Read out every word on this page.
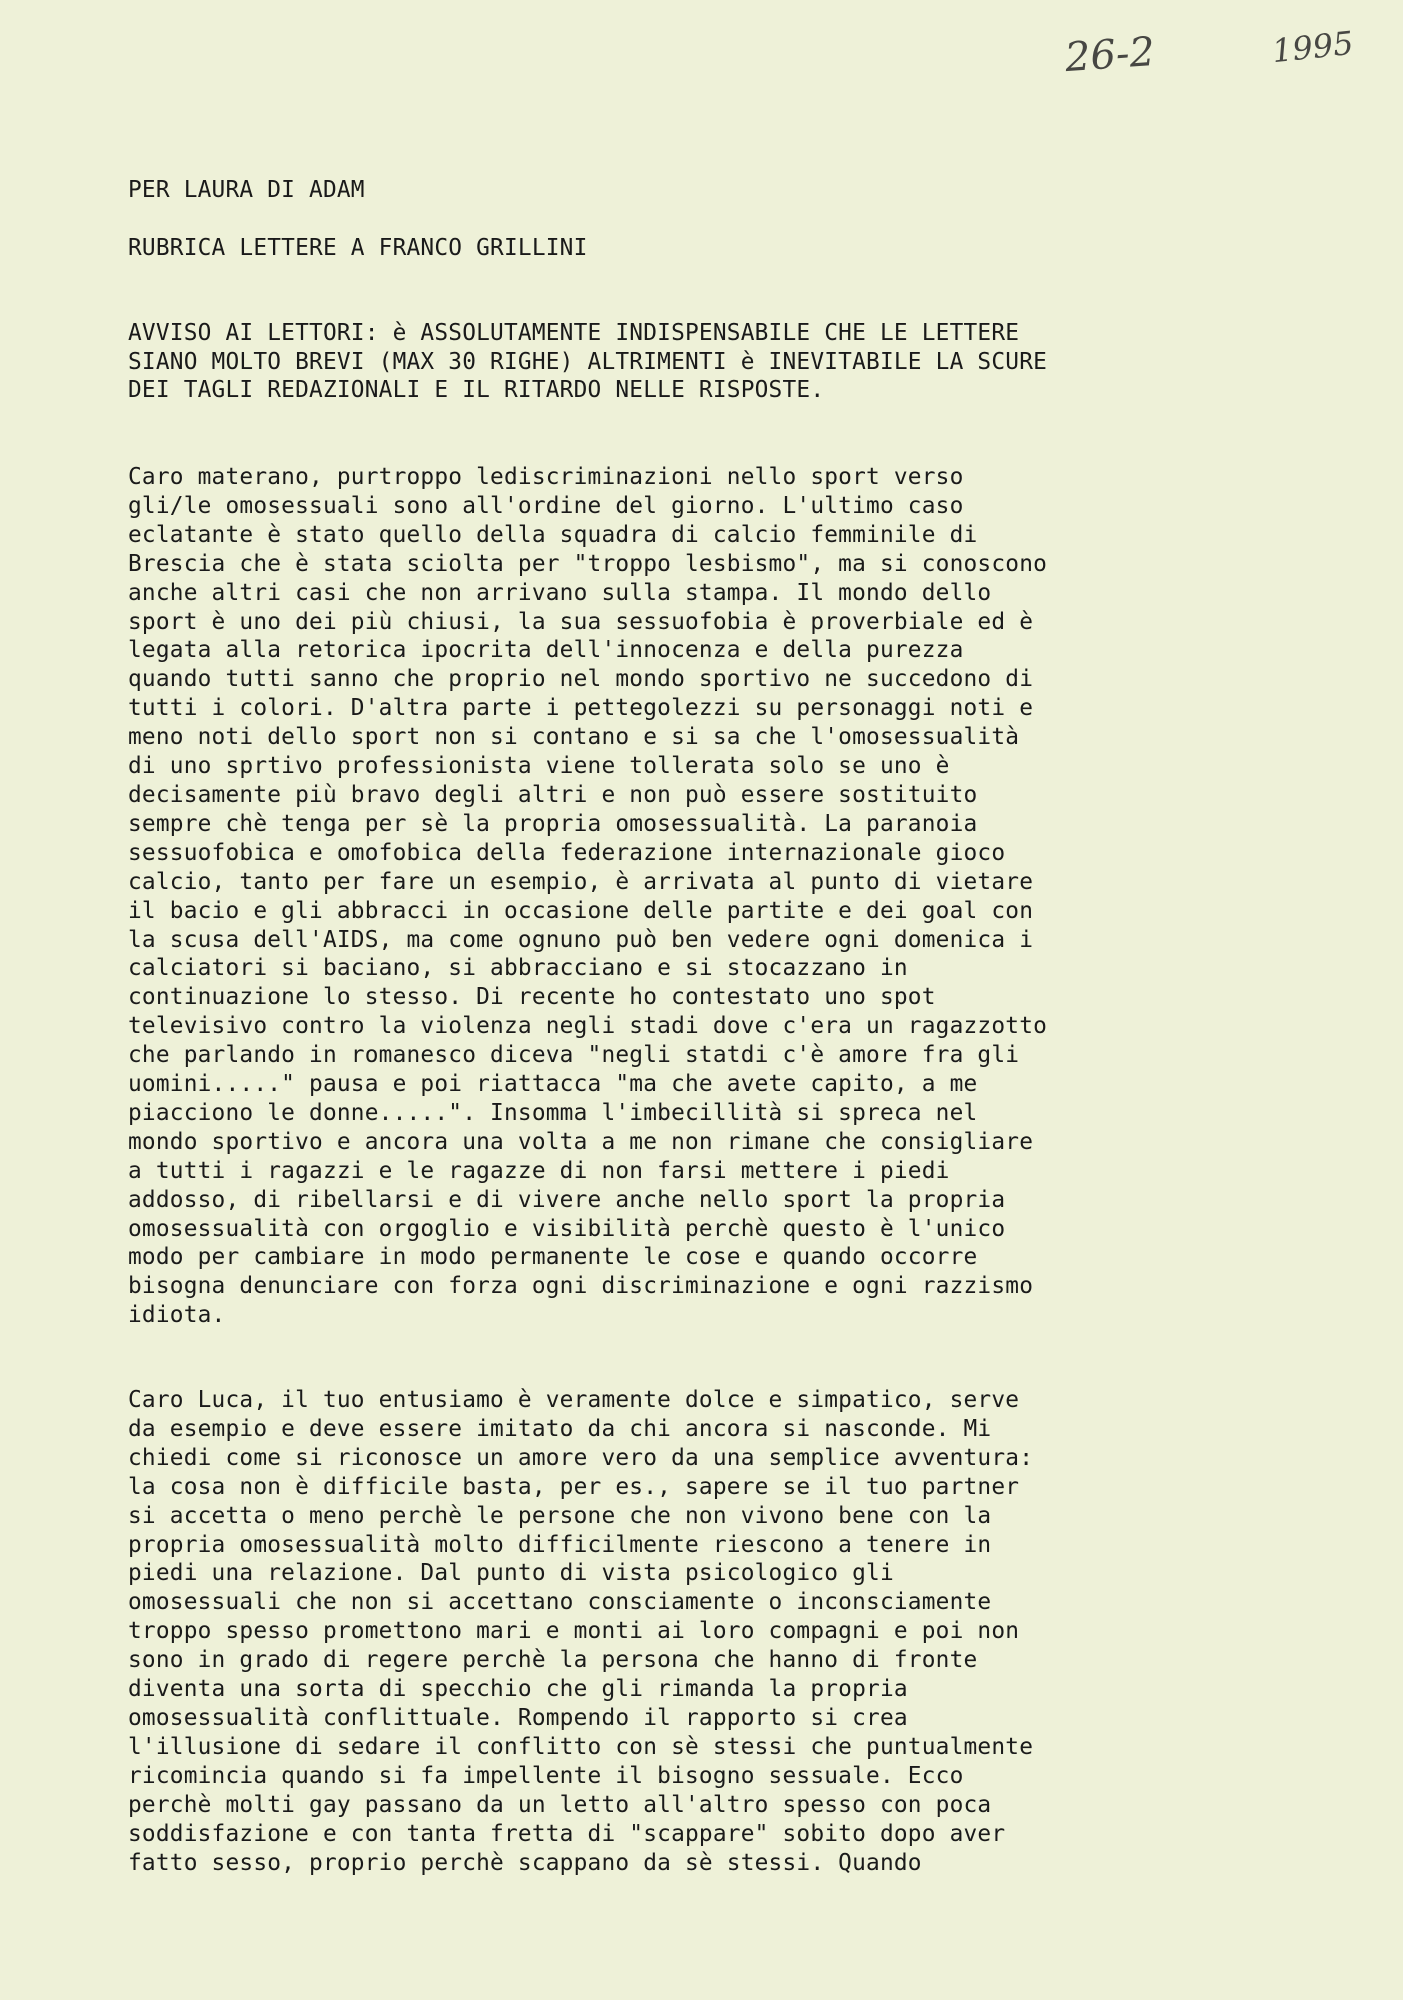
26-2	1995
PER LAURA DI ADAM
RUBRICA LETTERE A FRANCO GRILLINI
AVVISO AI LETTORI: è ASSOLUTAMENTE INDISPENSABILE CHE LE LETTERE
SIANO MOLTO BREVI (MAX 30 RIGHE) ALTRIMENTI è INEVITABILE LA SCURE
DEI TAGLI REDAZIONALI E IL RITARDO NELLE RISPOSTE.
Caro materano, purtroppo lediscriminazioni nello sport verso
gli/le omosessuali sono all'ordine del giorno. L'ultimo caso
eclatante è stato quello della squadra di calcio femminile di
Brescia che è stata sciolta per "troppo lesbismo", ma si conoscono
anche altri casi che non arrivano sulla stampa. Il mondo dello
sport è uno dei più chiusi, la sua sessuofobia è proverbiale ed è
legata alla retorica ipocrita dell'innocenza e della purezza
quando tutti sanno che proprio nel mondo sportivo ne succedono di
tutti i colori. D'altra parte i pettegolezzi su personaggi noti e
meno noti dello sport non si contano e si sa che l'omosessualità
di uno sprtivo professionista viene tollerata solo se uno è
decisamente più bravo degli altri e non può essere sostituito
sempre chè tenga per sè la propria omosessualità. La paranoia
sessuofobica e omofobica della federazione internazionale gioco
calcio, tanto per fare un esempio, è arrivata al punto di vietare
il bacio e gli abbracci in occasione delle partite e dei goal con
la scusa dell'AIDS, ma come ognuno può ben vedere ogni domenica i
calciatori si baciano, si abbracciano e si stocazzano in
continuazione lo stesso. Di recente ho contestato uno spot
televisivo contro la violenza negli stadi dove c'era un ragazzotto
che parlando in romanesco diceva "negli statdi c'è amore fra gli
uomini....." pausa e poi riattacca "ma che avete capito, a me
piacciono le donne.....". Insomma l'imbecillità si spreca nel
mondo sportivo e ancora una volta a me non rimane che consigliare
a tutti i ragazzi e le ragazze di non farsi mettere i piedi
addosso, di ribellarsi e di vivere anche nello sport la propria
omosessualità con orgoglio e visibilità perchè questo è l'unico
modo per cambiare in modo permanente le cose e quando occorre
bisogna denunciare con forza ogni discriminazione e ogni razzismo
idiota.
Caro Luca, il tuo entusiamo è veramente dolce e simpatico, serve
da esempio e deve essere imitato da chi ancora si nasconde. Mi
chiedi come si riconosce un amore vero da una semplice avventura:
la cosa non è difficile basta, per es., sapere se il tuo partner
si accetta o meno perchè le persone che non vivono bene con la
propria omosessualità molto difficilmente riescono a tenere in
piedi una relazione. Dal punto di vista psicologico gli
omosessuali che non si accettano consciamente o inconsciamente
troppo spesso promettono mari e monti ai loro compagni e poi non
sono in grado di regere perchè la persona che hanno di fronte
diventa una sorta di specchio che gli rimanda la propria
omosessualità conflittuale. Rompendo il rapporto si crea
l'illusione di sedare il conflitto con sè stessi che puntualmente
ricomincia quando si fa impellente il bisogno sessuale. Ecco
perchè molti gay passano da un letto all'altro spesso con poca
soddisfazione e con tanta fretta di "scappare" sobito dopo aver
fatto sesso, proprio perchè scappano da sè stessi. Quando
